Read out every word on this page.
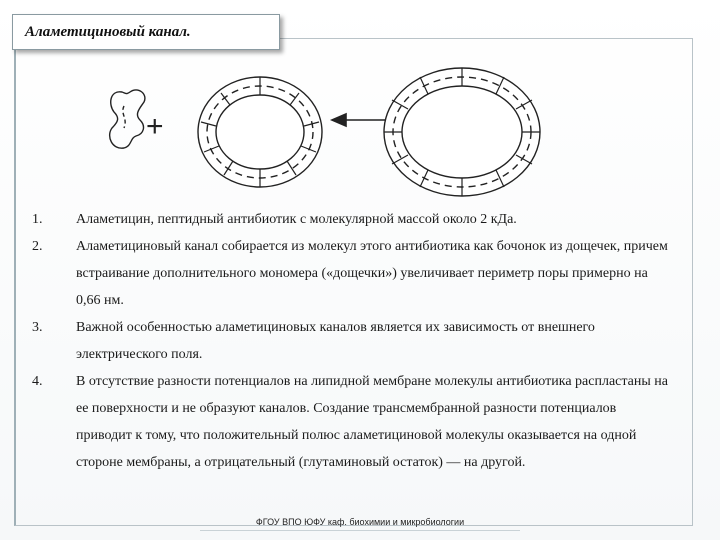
Аламетициновый канал.
+
1. Аламетицин, пептидный антибиотик с молекулярной массой около 2 кДа.
2. Аламетициновый канал собирается из молекул этого антибиотика как бочонок из дощечек, причем встраивание дополнительного мономера («дощечки») увеличивает периметр поры примерно на 0,66 нм.
3. Важной особенностью аламетициновых каналов является их зависимость от внешнего электрического поля.
4. В отсутствие разности потенциалов на липидной мембране молекулы антибиотика распластаны на ее поверхности и не образуют каналов. Создание трансмембранной разности потенциалов приводит к тому, что положительный полюс аламетициновой молекулы оказывается на одной стороне мембраны, а отрицательный (глутаминовый остаток) — на другой.
ФГОУ ВПО ЮФУ каф. биохимии и микробиологии
